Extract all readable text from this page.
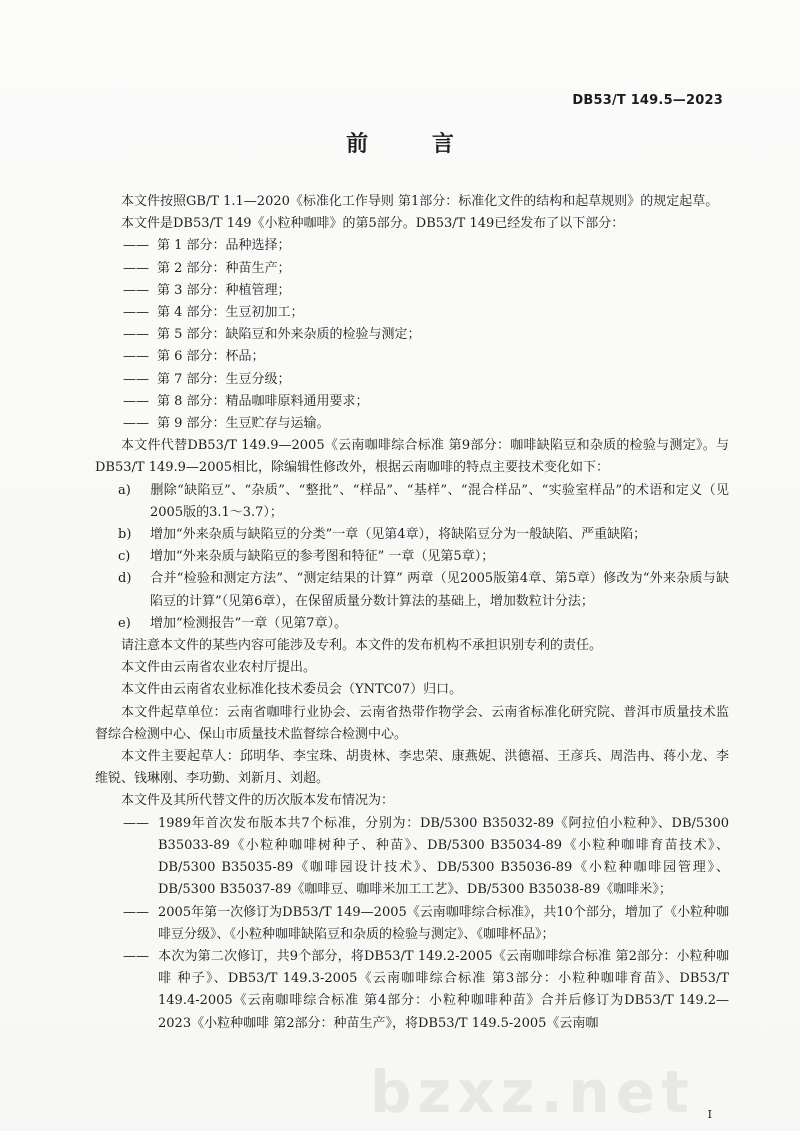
DB53/T 149.5—2023
前 言

本文件按照GB/T 1.1—2020《标准化工作导则 第1部分：标准化文件的结构和起草规则》的规定起草。

本文件是DB53/T 149《小粒种咖啡》的第5部分。DB53/T 149已经发布了以下部分：

—— 第 1 部分：品种选择；

—— 第 2 部分：种苗生产；

—— 第 3 部分：种植管理；

—— 第 4 部分：生豆初加工；

—— 第 5 部分：缺陷豆和外来杂质的检验与测定；

—— 第 6 部分：杯品；

—— 第 7 部分：生豆分级；

—— 第 8 部分：精品咖啡原料通用要求；

—— 第 9 部分：生豆贮存与运输。

本文件代替DB53/T 149.9—2005《云南咖啡综合标准 第9部分：咖啡缺陷豆和杂质的检验与测定》。与DB53/T 149.9—2005相比，除编辑性修改外，根据云南咖啡的特点主要技术变化如下：

a) 删除“缺陷豆”、“杂质”、“整批”、“样品”、“基样”、“混合样品”、“实验室样品”的术语和定义（见2005版的3.1～3.7）；

b) 增加“外来杂质与缺陷豆的分类”一章（见第4章），将缺陷豆分为一般缺陷、严重缺陷；

c) 增加“外来杂质与缺陷豆的参考图和特征” 一章（见第5章）；

d) 合并“检验和测定方法”、“测定结果的计算” 两章（见2005版第4章、第5章）修改为“外来杂质与缺陷豆的计算”（见第6章），在保留质量分数计算法的基础上，增加数粒计分法；

e) 增加“检测报告”一章（见第7章）。

请注意本文件的某些内容可能涉及专利。本文件的发布机构不承担识别专利的责任。

本文件由云南省农业农村厅提出。

本文件由云南省农业标准化技术委员会（YNTC07）归口。

本文件起草单位：云南省咖啡行业协会、云南省热带作物学会、云南省标准化研究院、普洱市质量技术监督综合检测中心、保山市质量技术监督综合检测中心。

本文件主要起草人：邱明华、李宝珠、胡贵林、李忠荣、康燕妮、洪德福、王彦兵、周浩冉、蒋小龙、李维锐、钱琳刚、李功勤、刘新月、刘超。

本文件及其所代替文件的历次版本发布情况为：

—— 1989年首次发布版本共7个标准，分别为：DB/5300 B35032-89《阿拉伯小粒种》、DB/5300 B35033-89《小粒种咖啡树种子、种苗》、DB/5300 B35034-89《小粒种咖啡育苗技术》、DB/5300 B35035-89《咖啡园设计技术》、DB/5300 B35036-89《小粒种咖啡园管理》、DB/5300 B35037-89《咖啡豆、咖啡米加工工艺》、DB/5300 B35038-89《咖啡米》；

—— 2005年第一次修订为DB53/T 149—2005《云南咖啡综合标准》，共10个部分，增加了《小粒种咖啡豆分级》、《小粒种咖啡缺陷豆和杂质的检验与测定》、《咖啡杯品》；

—— 本次为第二次修订，共9个部分，将DB53/T 149.2-2005《云南咖啡综合标准 第2部分：小粒种咖啡 种子》、DB53/T 149.3-2005《云南咖啡综合标准 第3部分：小粒种咖啡育苗》、DB53/T 149.4-2005《云南咖啡综合标准 第4部分：小粒种咖啡种苗》合并后修订为DB53/T 149.2—2023《小粒种咖啡 第2部分：种苗生产》，将DB53/T 149.5-2005《云南咖

bzxz.net I
